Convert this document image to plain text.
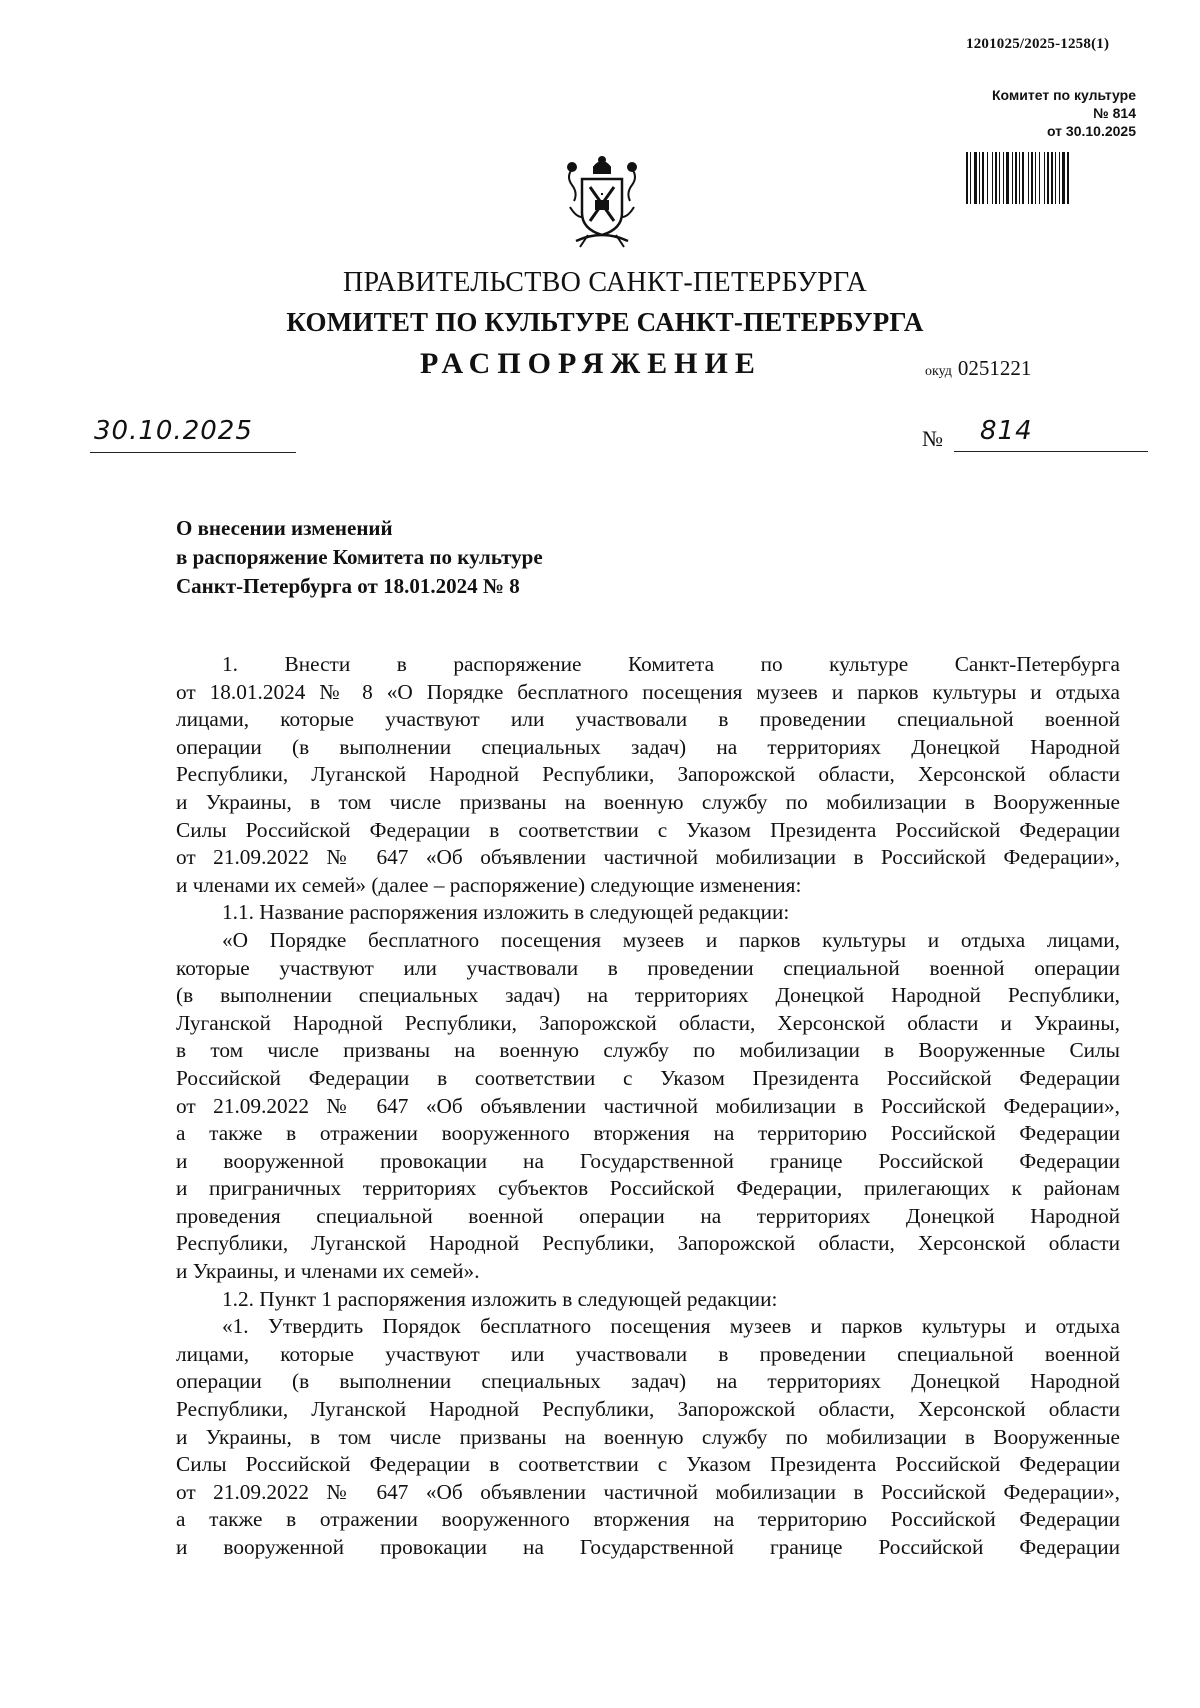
1201025/2025-1258(1)
Комитет по культуре
№ 814
от 30.10.2025
ПРАВИТЕЛЬСТВО САНКТ-ПЕТЕРБУРГА
КОМИТЕТ ПО КУЛЬТУРЕ САНКТ-ПЕТЕРБУРГА
РАСПОРЯЖЕНИЕ	окуд 0251221
30.10.2025	№ 814
О внесении изменений
в распоряжение Комитета по культуре
Санкт-Петербурга от 18.01.2024 № 8

1. Внести в распоряжение Комитета по культуре Санкт-Петербурга
от 18.01.2024 № 8 «О Порядке бесплатного посещения музеев и парков культуры и отдыха
лицами, которые участвуют или участвовали в проведении специальной военной
операции (в выполнении специальных задач) на территориях Донецкой Народной
Республики, Луганской Народной Республики, Запорожской области, Херсонской области
и Украины, в том числе призваны на военную службу по мобилизации в Вооруженные
Силы Российской Федерации в соответствии с Указом Президента Российской Федерации
от 21.09.2022 № 647 «Об объявлении частичной мобилизации в Российской Федерации»,
и членами их семей» (далее – распоряжение) следующие изменения:

1.1. Название распоряжения изложить в следующей редакции:

«О Порядке бесплатного посещения музеев и парков культуры и отдыха лицами,
которые участвуют или участвовали в проведении специальной военной операции
(в выполнении специальных задач) на территориях Донецкой Народной Республики,
Луганской Народной Республики, Запорожской области, Херсонской области и Украины,
в том числе призваны на военную службу по мобилизации в Вооруженные Силы
Российской Федерации в соответствии с Указом Президента Российской Федерации
от 21.09.2022 № 647 «Об объявлении частичной мобилизации в Российской Федерации»,
а также в отражении вооруженного вторжения на территорию Российской Федерации
и вооруженной провокации на Государственной границе Российской Федерации
и приграничных территориях субъектов Российской Федерации, прилегающих к районам
проведения специальной военной операции на территориях Донецкой Народной
Республики, Луганской Народной Республики, Запорожской области, Херсонской области
и Украины, и членами их семей».

1.2. Пункт 1 распоряжения изложить в следующей редакции:

«1. Утвердить Порядок бесплатного посещения музеев и парков культуры и отдыха
лицами, которые участвуют или участвовали в проведении специальной военной
операции (в выполнении специальных задач) на территориях Донецкой Народной
Республики, Луганской Народной Республики, Запорожской области, Херсонской области
и Украины, в том числе призваны на военную службу по мобилизации в Вооруженные
Силы Российской Федерации в соответствии с Указом Президента Российской Федерации
от 21.09.2022 № 647 «Об объявлении частичной мобилизации в Российской Федерации»,
а также в отражении вооруженного вторжения на территорию Российской Федерации
и вооруженной провокации на Государственной границе Российской Федерации
